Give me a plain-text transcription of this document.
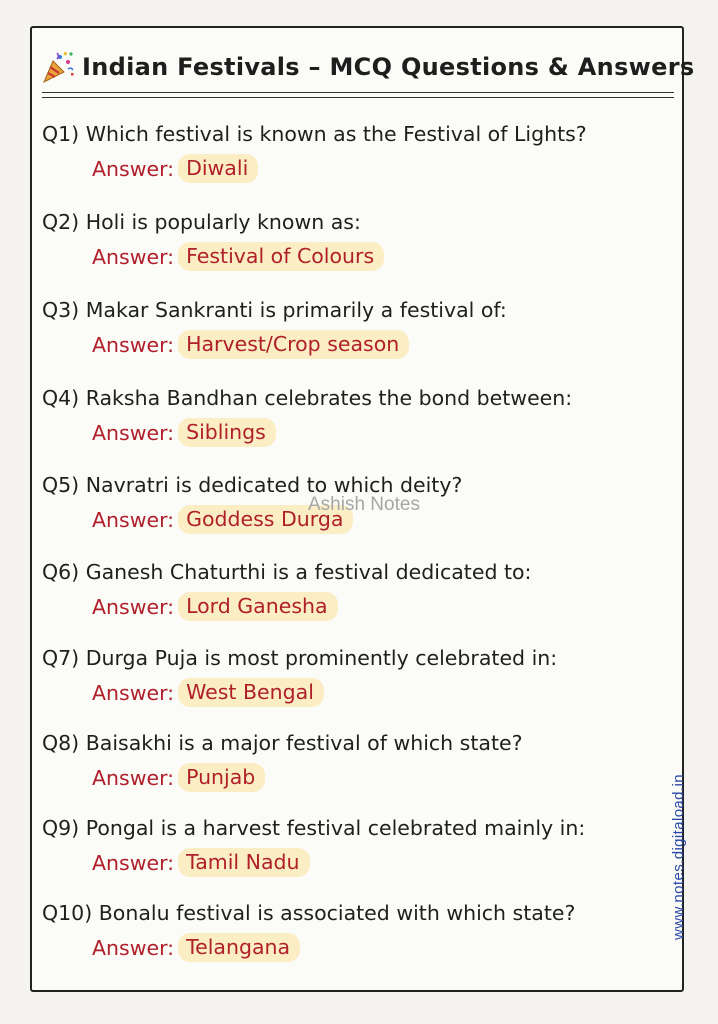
Indian Festivals – MCQ Questions & Answers
Q1) Which festival is known as the Festival of Lights?
Answer: Diwali
Q2) Holi is popularly known as:
Answer: Festival of Colours
Q3) Makar Sankranti is primarily a festival of:
Answer: Harvest/Crop season
Q4) Raksha Bandhan celebrates the bond between:
Answer: Siblings
Q5) Navratri is dedicated to which deity?
Answer: Goddess Durga
Q6) Ganesh Chaturthi is a festival dedicated to:
Answer: Lord Ganesha
Q7) Durga Puja is most prominently celebrated in:
Answer: West Bengal
Q8) Baisakhi is a major festival of which state?
Answer: Punjab
Q9) Pongal is a harvest festival celebrated mainly in:
Answer: Tamil Nadu
Q10) Bonalu festival is associated with which state?
Answer: Telangana
Ashish Notes
www.notes.digitaload.in
